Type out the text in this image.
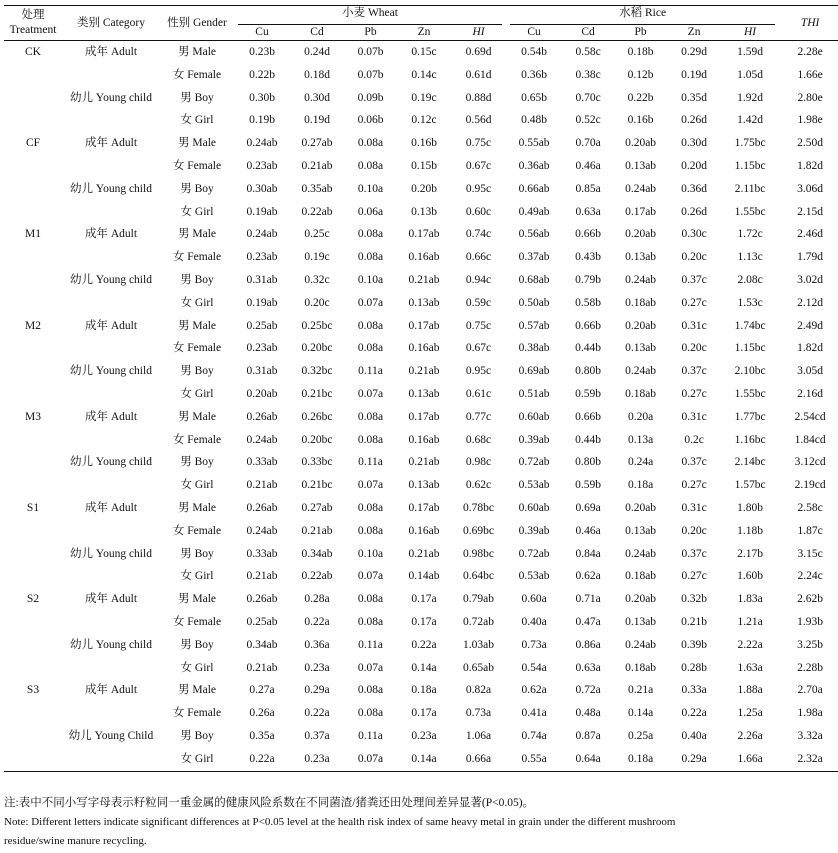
处理
Treatment	类别 Category	性别 Gender	小麦 Wheat					水稻 Rice					THI
			Cu	Cd	Pb	Zn	HI	Cu	Cd	Pb	Zn	HI	
CK	成年 Adult	男 Male	0.23b	0.24d	0.07b	0.15c	0.69d	0.54b	0.58c	0.18b	0.29d	1.59d	2.28e
		女 Female	0.22b	0.18d	0.07b	0.14c	0.61d	0.36b	0.38c	0.12b	0.19d	1.05d	1.66e
	幼儿 Young child	男 Boy	0.30b	0.30d	0.09b	0.19c	0.88d	0.65b	0.70c	0.22b	0.35d	1.92d	2.80e
		女 Girl	0.19b	0.19d	0.06b	0.12c	0.56d	0.48b	0.52c	0.16b	0.26d	1.42d	1.98e
CF	成年 Adult	男 Male	0.24ab	0.27ab	0.08a	0.16b	0.75c	0.55ab	0.70a	0.20ab	0.30d	1.75bc	2.50d
		女 Female	0.23ab	0.21ab	0.08a	0.15b	0.67c	0.36ab	0.46a	0.13ab	0.20d	1.15bc	1.82d
	幼儿 Young child	男 Boy	0.30ab	0.35ab	0.10a	0.20b	0.95c	0.66ab	0.85a	0.24ab	0.36d	2.11bc	3.06d
		女 Girl	0.19ab	0.22ab	0.06a	0.13b	0.60c	0.49ab	0.63a	0.17ab	0.26d	1.55bc	2.15d
M1	成年 Adult	男 Male	0.24ab	0.25c	0.08a	0.17ab	0.74c	0.56ab	0.66b	0.20ab	0.30c	1.72c	2.46d
		女 Female	0.23ab	0.19c	0.08a	0.16ab	0.66c	0.37ab	0.43b	0.13ab	0.20c	1.13c	1.79d
	幼儿 Young child	男 Boy	0.31ab	0.32c	0.10a	0.21ab	0.94c	0.68ab	0.79b	0.24ab	0.37c	2.08c	3.02d
		女 Girl	0.19ab	0.20c	0.07a	0.13ab	0.59c	0.50ab	0.58b	0.18ab	0.27c	1.53c	2.12d
M2	成年 Adult	男 Male	0.25ab	0.25bc	0.08a	0.17ab	0.75c	0.57ab	0.66b	0.20ab	0.31c	1.74bc	2.49d
		女 Female	0.23ab	0.20bc	0.08a	0.16ab	0.67c	0.38ab	0.44b	0.13ab	0.20c	1.15bc	1.82d
	幼儿 Young child	男 Boy	0.31ab	0.32bc	0.11a	0.21ab	0.95c	0.69ab	0.80b	0.24ab	0.37c	2.10bc	3.05d
		女 Girl	0.20ab	0.21bc	0.07a	0.13ab	0.61c	0.51ab	0.59b	0.18ab	0.27c	1.55bc	2.16d
M3	成年 Adult	男 Male	0.26ab	0.26bc	0.08a	0.17ab	0.77c	0.60ab	0.66b	0.20a	0.31c	1.77bc	2.54cd
		女 Female	0.24ab	0.20bc	0.08a	0.16ab	0.68c	0.39ab	0.44b	0.13a	0.2c	1.16bc	1.84cd
	幼儿 Young child	男 Boy	0.33ab	0.33bc	0.11a	0.21ab	0.98c	0.72ab	0.80b	0.24a	0.37c	2.14bc	3.12cd
		女 Girl	0.21ab	0.21bc	0.07a	0.13ab	0.62c	0.53ab	0.59b	0.18a	0.27c	1.57bc	2.19cd
S1	成年 Adult	男 Male	0.26ab	0.27ab	0.08a	0.17ab	0.78bc	0.60ab	0.69a	0.20ab	0.31c	1.80b	2.58c
		女 Female	0.24ab	0.21ab	0.08a	0.16ab	0.69bc	0.39ab	0.46a	0.13ab	0.20c	1.18b	1.87c
	幼儿 Young child	男 Boy	0.33ab	0.34ab	0.10a	0.21ab	0.98bc	0.72ab	0.84a	0.24ab	0.37c	2.17b	3.15c
		女 Girl	0.21ab	0.22ab	0.07a	0.14ab	0.64bc	0.53ab	0.62a	0.18ab	0.27c	1.60b	2.24c
S2	成年 Adult	男 Male	0.26ab	0.28a	0.08a	0.17a	0.79ab	0.60a	0.71a	0.20ab	0.32b	1.83a	2.62b
		女 Female	0.25ab	0.22a	0.08a	0.17a	0.72ab	0.40a	0.47a	0.13ab	0.21b	1.21a	1.93b
	幼儿 Young child	男 Boy	0.34ab	0.36a	0.11a	0.22a	1.03ab	0.73a	0.86a	0.24ab	0.39b	2.22a	3.25b
		女 Girl	0.21ab	0.23a	0.07a	0.14a	0.65ab	0.54a	0.63a	0.18ab	0.28b	1.63a	2.28b
S3	成年 Adult	男 Male	0.27a	0.29a	0.08a	0.18a	0.82a	0.62a	0.72a	0.21a	0.33a	1.88a	2.70a
		女 Female	0.26a	0.22a	0.08a	0.17a	0.73a	0.41a	0.48a	0.14a	0.22a	1.25a	1.98a
	幼儿 Young Child	男 Boy	0.35a	0.37a	0.11a	0.23a	1.06a	0.74a	0.87a	0.25a	0.40a	2.26a	3.32a
		女 Girl	0.22a	0.23a	0.07a	0.14a	0.66a	0.55a	0.64a	0.18a	0.29a	1.66a	2.32a
注:表中不同小写字母表示籽粒同一重金属的健康风险系数在不同菌渣/猪粪还田处理间差异显著(P<0.05)。
Note: Different letters indicate significant differences at P<0.05 level at the health risk index of same heavy metal in grain under the different mushroom
residue/swine manure recycling.
